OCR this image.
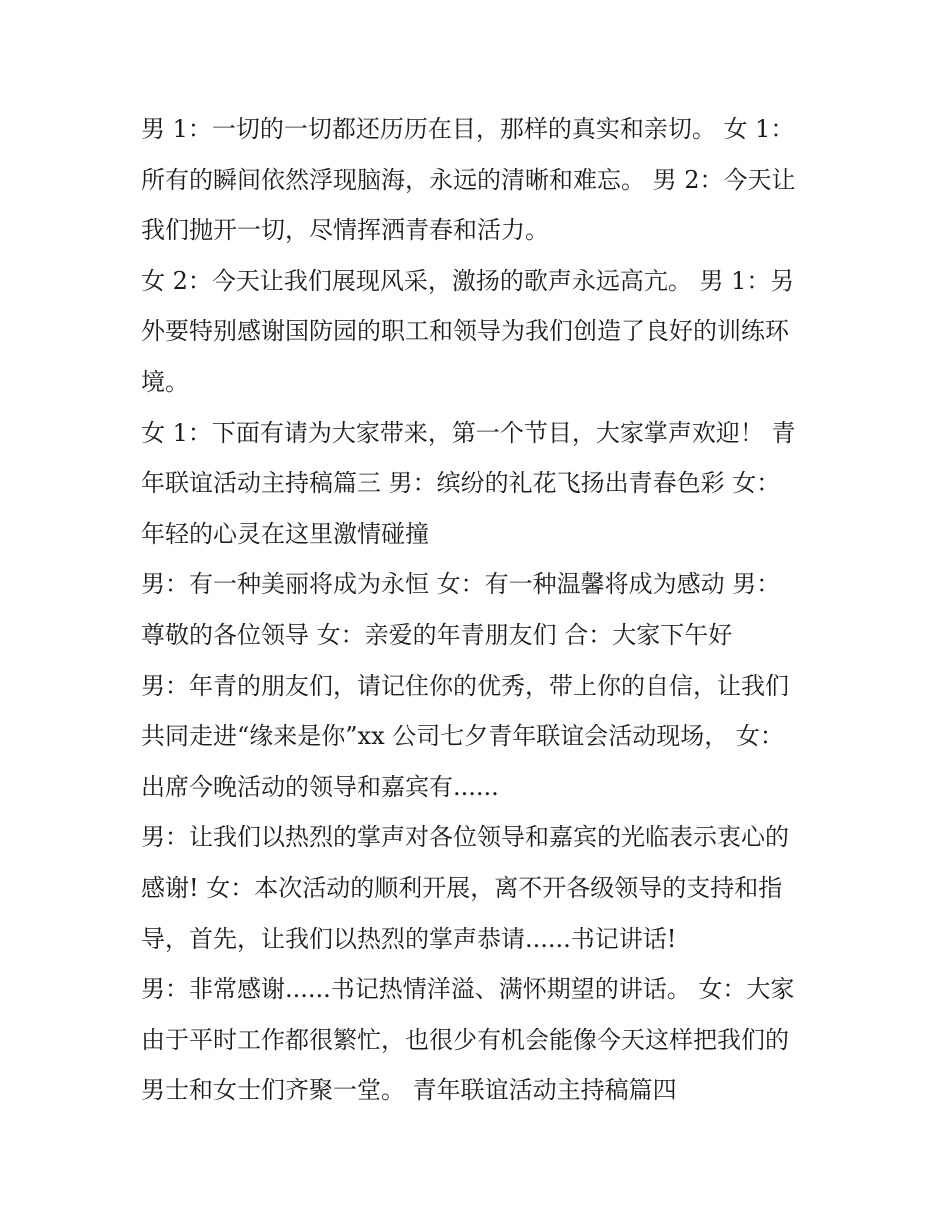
男 1：一切的一切都还历历在目，那样的真实和亲切。 女 1：
所有的瞬间依然浮现脑海，永远的清晰和难忘。 男 2：今天让
我们抛开一切，尽情挥洒青春和活力。
女 2：今天让我们展现风采，激扬的歌声永远高亢。 男 1：另
外要特别感谢国防园的职工和领导为我们创造了良好的训练环
境。
女 1：下面有请为大家带来，第一个节目，大家掌声欢迎！ 青
年联谊活动主持稿篇三 男：缤纷的礼花飞扬出青春色彩 女：
年轻的心灵在这里激情碰撞
男：有一种美丽将成为永恒 女：有一种温馨将成为感动 男：
尊敬的各位领导 女：亲爱的年青朋友们 合：大家下午好
男：年青的朋友们，请记住你的优秀，带上你的自信，让我们
共同走进“缘来是你”xx 公司七夕青年联谊会活动现场， 女：
出席今晚活动的领导和嘉宾有......
男：让我们以热烈的掌声对各位领导和嘉宾的光临表示衷心的
感谢! 女：本次活动的顺利开展，离不开各级领导的支持和指
导，首先，让我们以热烈的掌声恭请......书记讲话!
男：非常感谢......书记热情洋溢、满怀期望的讲话。 女：大家
由于平时工作都很繁忙，也很少有机会能像今天这样把我们的
男士和女士们齐聚一堂。 青年联谊活动主持稿篇四
